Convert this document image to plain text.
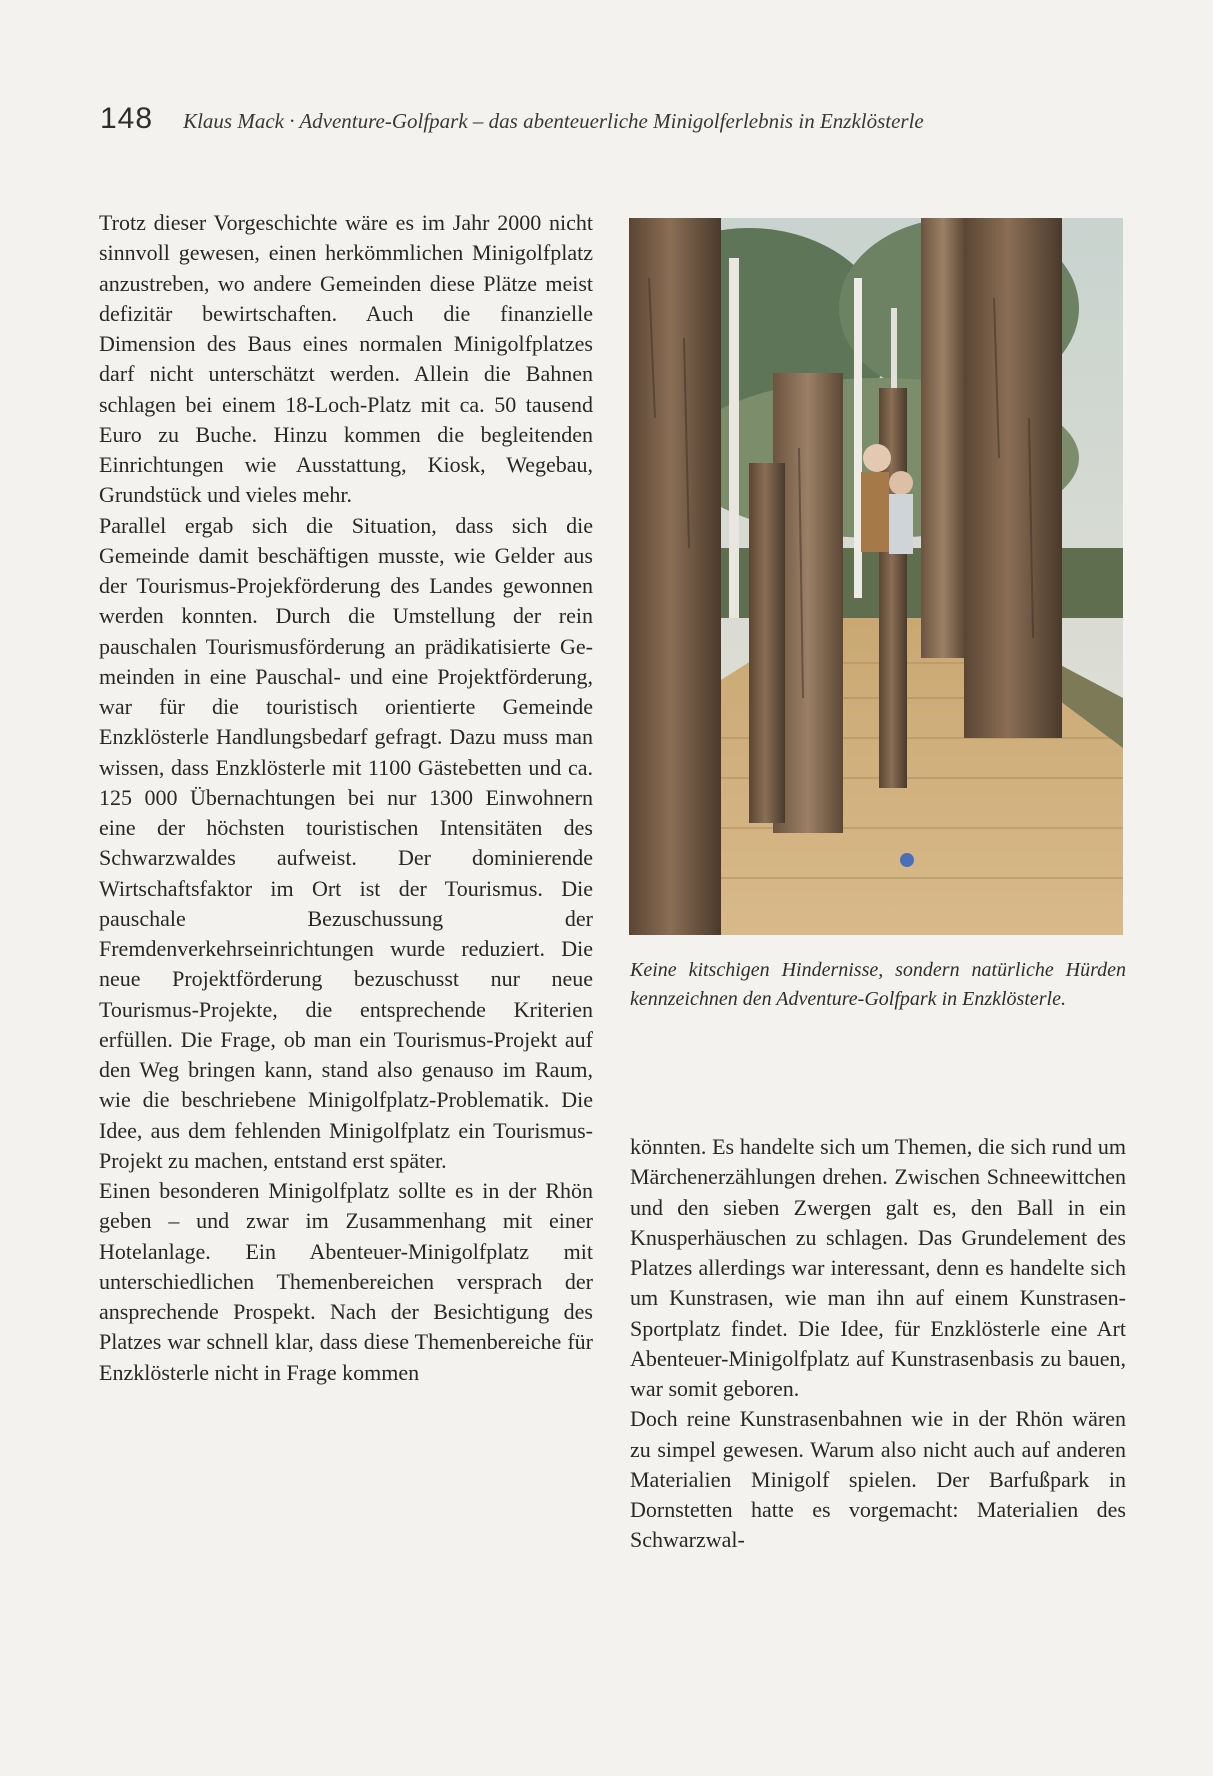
148 Klaus Mack · Adventure-Golfpark – das abenteuerliche Minigolferlebnis in Enzklösterle

Trotz dieser Vorgeschichte wäre es im Jahr 2000 nicht sinnvoll gewesen, einen herkömmlichen Minigolfplatz anzustreben, wo andere Gemeinden diese Plätze meist defizitär bewirtschaften. Auch die finanzielle Dimension des Baus eines normalen Minigolfplatzes darf nicht unterschätzt werden. Allein die Bahnen schlagen bei einem 18-Loch-Platz mit ca. 50 tausend Euro zu Buche. Hinzu kommen die begleitenden Einrichtungen wie Ausstattung, Kiosk, Wegebau, Grundstück und vieles mehr.

Parallel ergab sich die Situation, dass sich die Gemeinde damit beschäftigen musste, wie Gelder aus der Tourismus-Projekförderung des Landes gewonnen werden konnten. Durch die Umstellung der rein pauschalen Tourismusförderung an prädikatisierte Gemeinden in eine Pauschal- und eine Projektförderung, war für die touristisch orientierte Gemeinde Enzklösterle Handlungsbedarf gefragt. Dazu muss man wissen, dass Enzklösterle mit 1100 Gästebetten und ca. 125 000 Übernachtungen bei nur 1300 Einwohnern eine der höchsten touristischen Intensitäten des Schwarzwaldes aufweist. Der dominierende Wirtschaftsfaktor im Ort ist der Tourismus. Die pauschale Bezuschussung der Fremdenverkehrseinrichtungen wurde reduziert. Die neue Projektförderung bezuschusst nur neue Tourismus-Projekte, die entsprechende Kriterien erfüllen. Die Frage, ob man ein Tourismus-Projekt auf den Weg bringen kann, stand also genauso im Raum, wie die beschriebene Minigolfplatz-Problematik. Die Idee, aus dem fehlenden Minigolfplatz ein Tourismus-Projekt zu machen, entstand erst später.

Einen besonderen Minigolfplatz sollte es in der Rhön geben – und zwar im Zusammenhang mit einer Hotelanlage. Ein Abenteuer-Minigolfplatz mit unterschiedlichen Themenbereichen versprach der ansprechende Prospekt. Nach der Besichtigung des Platzes war schnell klar, dass diese Themenbereiche für Enzklösterle nicht in Frage kommen

Keine kitschigen Hindernisse, sondern natürliche Hürden kennzeichnen den Adventure-Golfpark in Enzklösterle.

könnten. Es handelte sich um Themen, die sich rund um Märchenerzählungen drehen. Zwischen Schneewittchen und den sieben Zwergen galt es, den Ball in ein Knusperhäuschen zu schlagen. Das Grundelement des Platzes allerdings war interessant, denn es handelte sich um Kunstrasen, wie man ihn auf einem Kunstrasen-Sportplatz findet. Die Idee, für Enzklösterle eine Art Abenteuer-Minigolfplatz auf Kunstrasenbasis zu bauen, war somit geboren.

Doch reine Kunstrasenbahnen wie in der Rhön wären zu simpel gewesen. Warum also nicht auch auf anderen Materialien Minigolf spielen. Der Barfußpark in Dornstetten hatte es vorgemacht: Materialien des Schwarzwal-
